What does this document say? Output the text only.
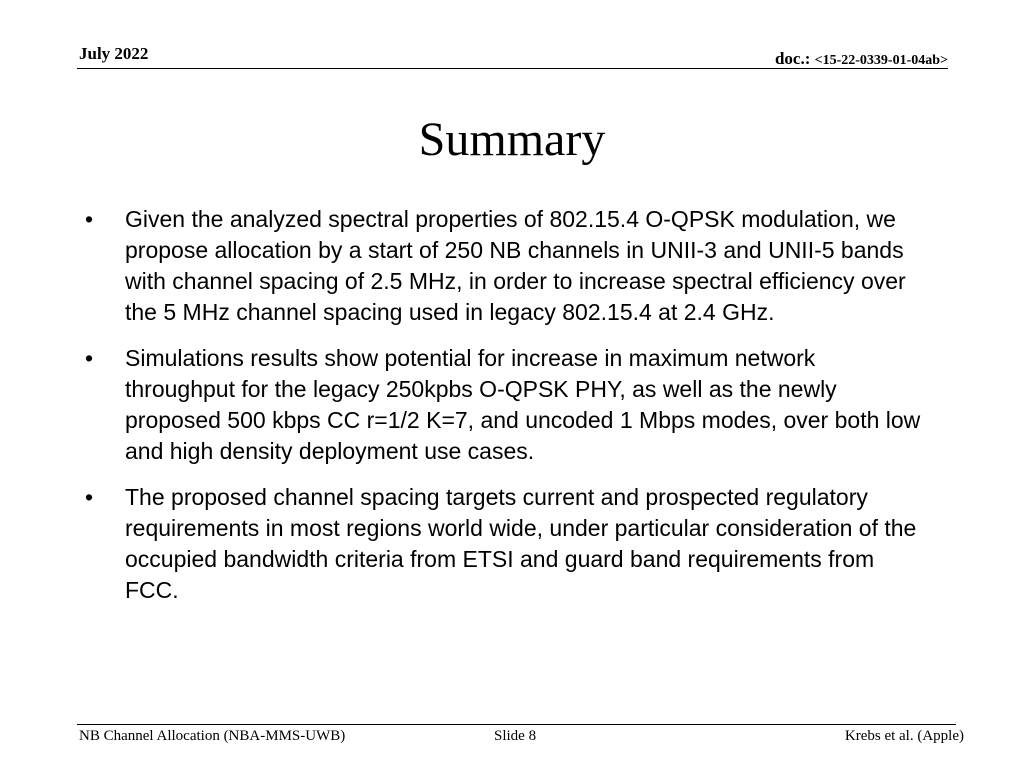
July 2022	doc.: <15-22-0339-01-04ab>
Summary
• Given the analyzed spectral properties of 802.15.4 O-QPSK modulation, we propose allocation by a start of 250 NB channels in UNII-3 and UNII-5 bands with channel spacing of 2.5 MHz, in order to increase spectral efficiency over the 5 MHz channel spacing used in legacy 802.15.4 at 2.4 GHz.
• Simulations results show potential for increase in maximum network throughput for the legacy 250kpbs O-QPSK PHY, as well as the newly proposed 500 kbps CC r=1/2 K=7, and uncoded 1 Mbps modes, over both low and high density deployment use cases.
• The proposed channel spacing targets current and prospected regulatory requirements in most regions world wide, under particular consideration of the occupied bandwidth criteria from ETSI and guard band requirements from FCC.
NB Channel Allocation (NBA-MMS-UWB)	Slide 8	Krebs et al. (Apple)
